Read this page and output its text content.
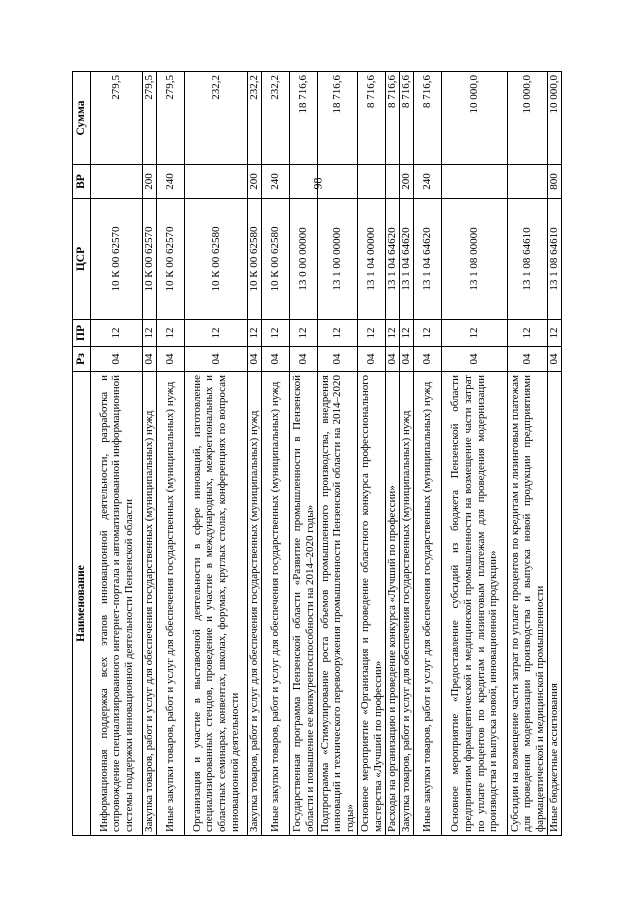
98
Наименование	Рз	ПР	ЦСР	ВР	Сумма
Информационная поддержка всех этапов инновационной деятельности, разработка и сопровождение специализированного интернет-портала и автоматизированной информационной системы поддержки инновационной деятельности Пензенской области	04	12	10 К 00 62570		279,5
Закупка товаров, работ и услуг для обеспечения государственных (муниципальных) нужд	04	12	10 К 00 62570	200	279,5
Иные закупки товаров, работ и услуг для обеспечения государственных (муниципальных) нужд	04	12	10 К 00 62570	240	279,5
Организация и участие в выставочной деятельности в сфере инноваций, изготовление специализированных стендов, проведение и участие в международных, межрегиональных и областных семинарах, конвентах, школах, форумах, круглых столах, конференциях по вопросам инновационной деятельности	04	12	10 К 00 62580		232,2
Закупка товаров, работ и услуг для обеспечения государственных (муниципальных) нужд	04	12	10 К 00 62580	200	232,2
Иные закупки товаров, работ и услуг для обеспечения государственных (муниципальных) нужд	04	12	10 К 00 62580	240	232,2
Государственная программа Пензенской области «Развитие промышленности в Пензенской области и повышение ее конкурентоспособности на 2014–2020 годы»	04	12	13 0 00 00000		18 716,6
Подпрограмма «Стимулирование роста объемов промышленного производства, внедрения инноваций и технического перевооружения промышленности Пензенской области на 2014–2020 годы»	04	12	13 1 00 00000		18 716,6
Основное мероприятие «Организация и проведение областного конкурса профессионального мастерства «Лучший по профессии»	04	12	13 1 04 00000		8 716,6
Расходы на организацию и проведение конкурса «Лучший по профессии»	04	12	13 1 04 64620		8 716,6
Закупка товаров, работ и услуг для обеспечения государственных (муниципальных) нужд	04	12	13 1 04 64620	200	8 716,6
Иные закупки товаров, работ и услуг для обеспечения государственных (муниципальных) нужд	04	12	13 1 04 64620	240	8 716,6
Основное мероприятие «Предоставление субсидий из бюджета Пензенской области предприятиям фармацевтической и медицинской промышленности на возмещение части затрат по уплате процентов по кредитам и лизинговым платежам для проведения модернизации производства и выпуска новой, инновационной продукции»	04	12	13 1 08 00000		10 000,0
Субсидии на возмещение части затрат по уплате процентов по кредитам и лизинговым платежам для проведения модернизации производства и выпуска новой продукции предприятиями фармацевтической и медицинской промышленности	04	12	13 1 08 64610		10 000,0
Иные бюджетные ассигнования	04	12	13 1 08 64610	800	10 000,0
